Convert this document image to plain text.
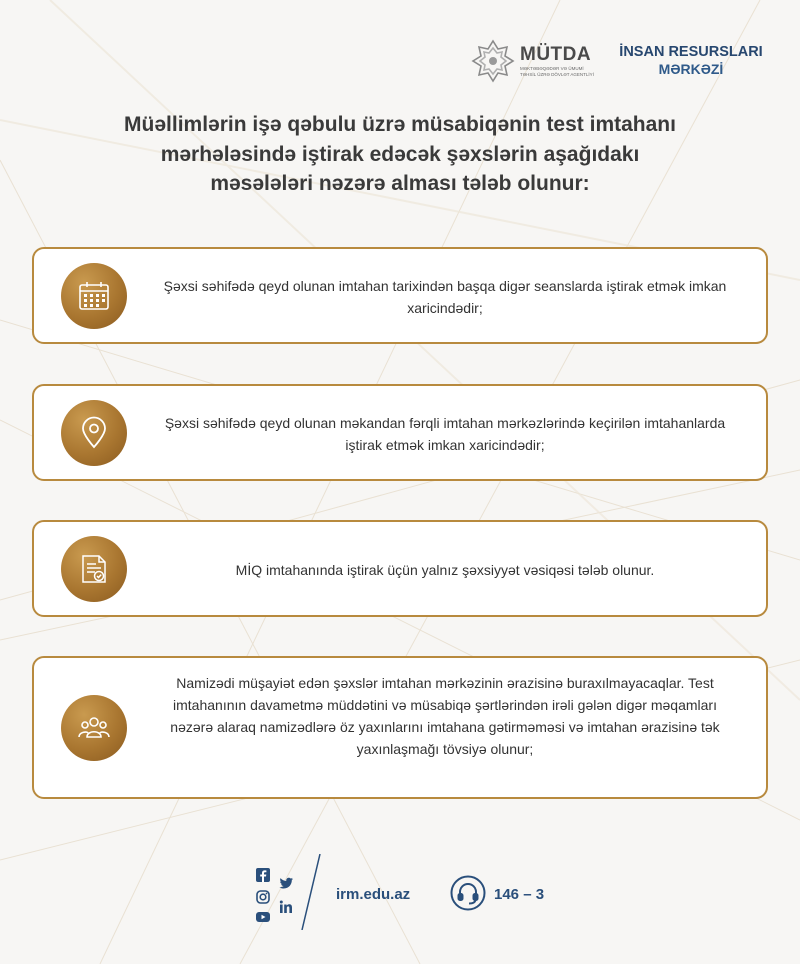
MÜTDA
MƏKTƏBƏQƏDƏR VƏ ÜMUMİ TƏHSİL ÜZRƏ DÖVLƏT AGENTLİYİ
İNSAN RESURSLARI
MƏRKƏZİ
Müəllimlərin işə qəbulu üzrə müsabiqənin test imtahanı
mərhələsində iştirak edəcək şəxslərin aşağıdakı
məsələləri nəzərə alması tələb olunur:
Şəxsi səhifədə qeyd olunan imtahan tarixindən başqa digər seanslarda iştirak etmək imkan xaricindədir;
Şəxsi səhifədə qeyd olunan məkandan fərqli imtahan mərkəzlərində keçirilən imtahanlarda iştirak etmək imkan xaricindədir;
MİQ imtahanında iştirak üçün yalnız şəxsiyyət vəsiqəsi tələb olunur.
Namizədi müşayiət edən şəxslər imtahan mərkəzinin ərazisinə buraxılmayacaqlar. Test imtahanının davametmə müddətini və müsabiqə şərtlərindən irəli gələn digər məqamları nəzərə alaraq namizədlərə öz yaxınlarını imtahana gətirməməsi və imtahan ərazisinə tək yaxınlaşmağı tövsiyə olunur;
irm.edu.az	146 – 3
